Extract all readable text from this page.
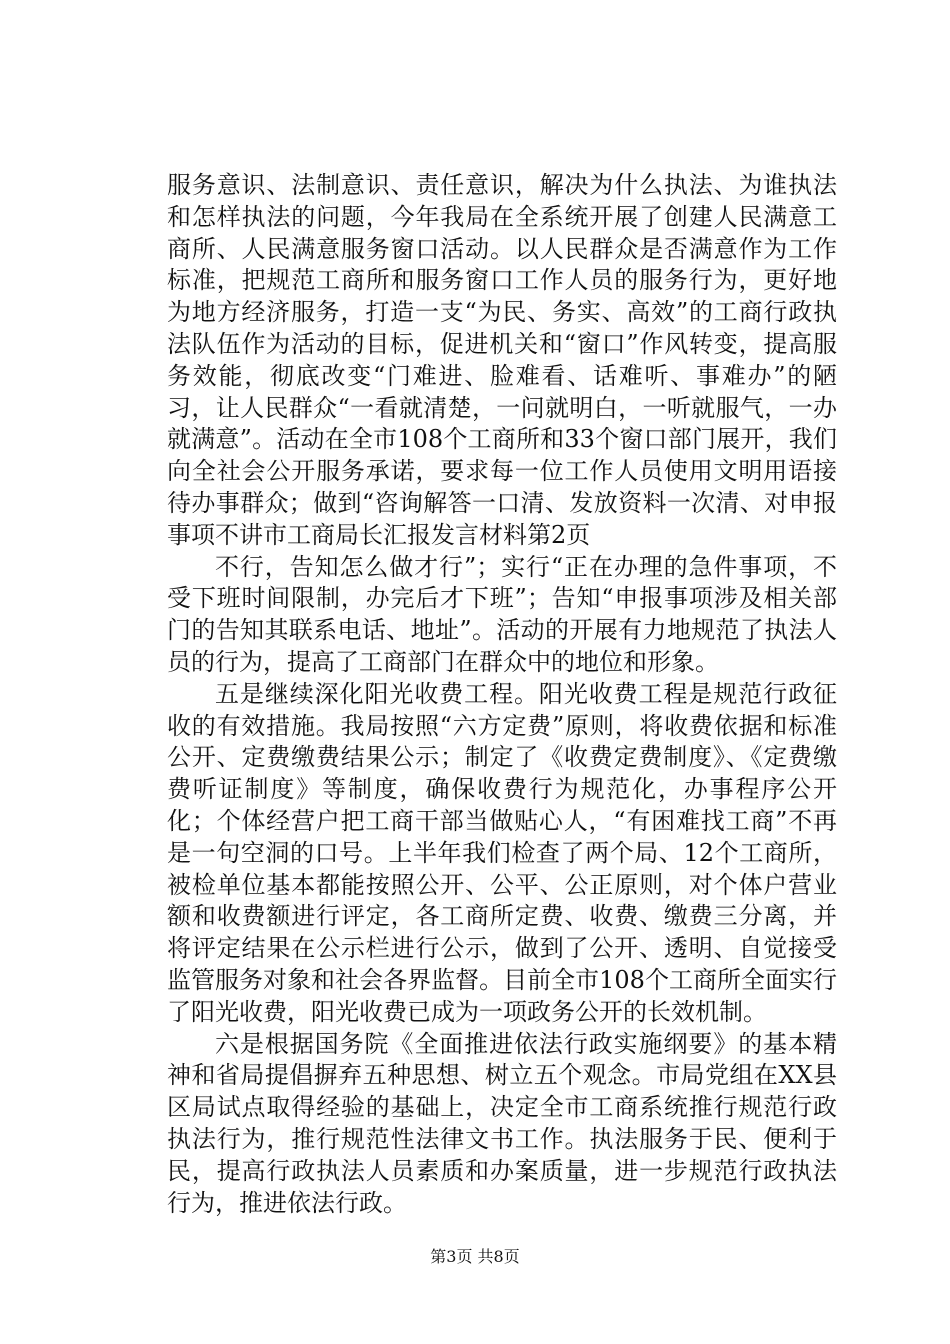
服务意识、法制意识、责任意识，解决为什么执法、为谁执法和怎样执法的问题，今年我局在全系统开展了创建人民满意工商所、人民满意服务窗口活动。以人民群众是否满意作为工作标准，把规范工商所和服务窗口工作人员的服务行为，更好地为地方经济服务，打造一支“为民、务实、高效”的工商行政执法队伍作为活动的目标，促进机关和“窗口”作风转变，提高服务效能，彻底改变“门难进、脸难看、话难听、事难办”的陋习，让人民群众“一看就清楚，一问就明白，一听就服气，一办就满意”。活动在全市108个工商所和33个窗口部门展开，我们向全社会公开服务承诺，要求每一位工作人员使用文明用语接待办事群众；做到“咨询解答一口清、发放资料一次清、对申报事项不讲市工商局长汇报发言材料第2页

不行，告知怎么做才行”；实行“正在办理的急件事项，不受下班时间限制，办完后才下班”；告知“申报事项涉及相关部门的告知其联系电话、地址”。活动的开展有力地规范了执法人员的行为，提高了工商部门在群众中的地位和形象。

五是继续深化阳光收费工程。阳光收费工程是规范行政征收的有效措施。我局按照“六方定费”原则，将收费依据和标准公开、定费缴费结果公示；制定了《收费定费制度》、《定费缴费听证制度》等制度，确保收费行为规范化，办事程序公开化；个体经营户把工商干部当做贴心人，“有困难找工商”不再是一句空洞的口号。上半年我们检查了两个局、12个工商所，被检单位基本都能按照公开、公平、公正原则，对个体户营业额和收费额进行评定，各工商所定费、收费、缴费三分离，并将评定结果在公示栏进行公示，做到了公开、透明、自觉接受监管服务对象和社会各界监督。目前全市108个工商所全面实行了阳光收费，阳光收费已成为一项政务公开的长效机制。

六是根据国务院《全面推进依法行政实施纲要》的基本精神和省局提倡摒弃五种思想、树立五个观念。市局党组在XX县区局试点取得经验的基础上，决定全市工商系统推行规范行政执法行为，推行规范性法律文书工作。执法服务于民、便利于民，提高行政执法人员素质和办案质量，进一步规范行政执法行为，推进依法行政。

第3页 共8页
